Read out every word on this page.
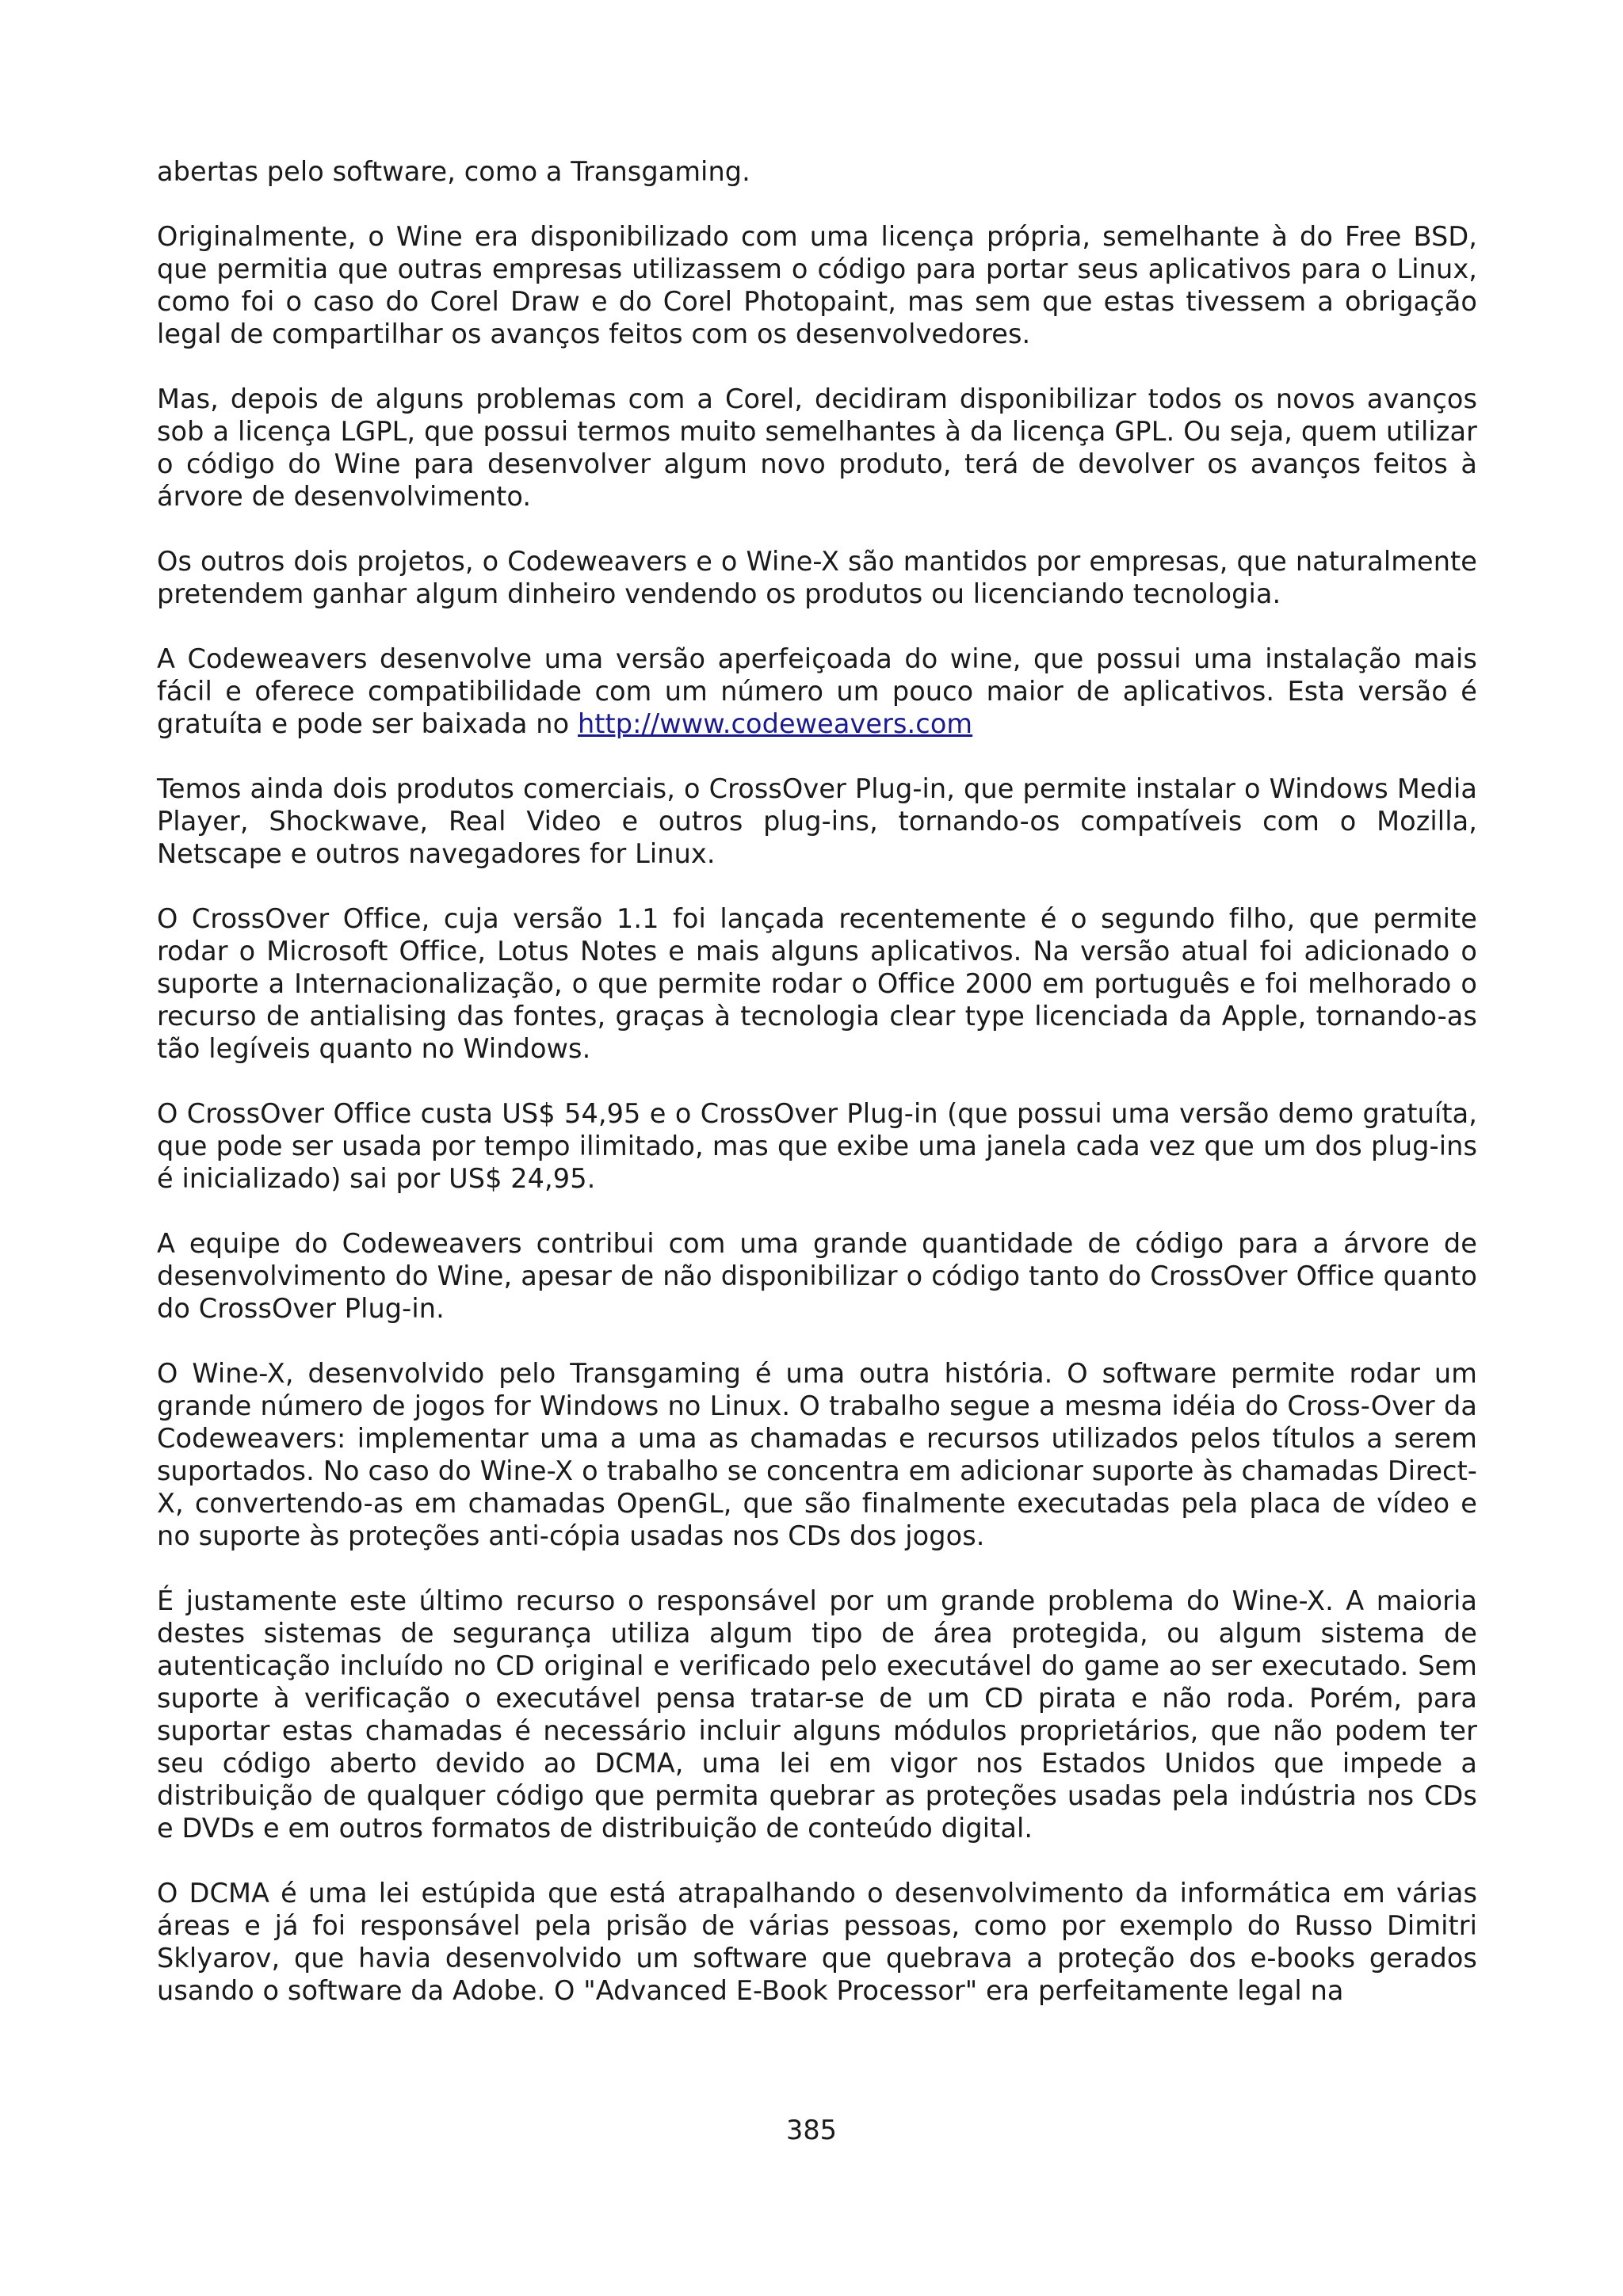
abertas pelo software, como a Transgaming.

Originalmente, o Wine era disponibilizado com uma licença própria, semelhante à do Free BSD, que permitia que outras empresas utilizassem o código para portar seus aplicativos para o Linux, como foi o caso do Corel Draw e do Corel Photopaint, mas sem que estas tivessem a obrigação legal de compartilhar os avanços feitos com os desenvolvedores.

Mas, depois de alguns problemas com a Corel, decidiram disponibilizar todos os novos avanços sob a licença LGPL, que possui termos muito semelhantes à da licença GPL. Ou seja, quem utilizar o código do Wine para desenvolver algum novo produto, terá de devolver os avanços feitos à árvore de desenvolvimento.

Os outros dois projetos, o Codeweavers e o Wine-X são mantidos por empresas, que naturalmente pretendem ganhar algum dinheiro vendendo os produtos ou licenciando tecnologia.

A Codeweavers desenvolve uma versão aperfeiçoada do wine, que possui uma instalação mais fácil e oferece compatibilidade com um número um pouco maior de aplicativos. Esta versão é gratuíta e pode ser baixada no http://www.codeweavers.com

Temos ainda dois produtos comerciais, o CrossOver Plug-in, que permite instalar o Windows Media Player, Shockwave, Real Video e outros plug-ins, tornando-os compatíveis com o Mozilla, Netscape e outros navegadores for Linux.

O CrossOver Office, cuja versão 1.1 foi lançada recentemente é o segundo filho, que permite rodar o Microsoft Office, Lotus Notes e mais alguns aplicativos. Na versão atual foi adicionado o suporte a Internacionalização, o que permite rodar o Office 2000 em português e foi melhorado o recurso de antialising das fontes, graças à tecnologia clear type licenciada da Apple, tornando-as tão legíveis quanto no Windows.

O CrossOver Office custa US$ 54,95 e o CrossOver Plug-in (que possui uma versão demo gratuíta, que pode ser usada por tempo ilimitado, mas que exibe uma janela cada vez que um dos plug-ins é inicializado) sai por US$ 24,95.

A equipe do Codeweavers contribui com uma grande quantidade de código para a árvore de desenvolvimento do Wine, apesar de não disponibilizar o código tanto do CrossOver Office quanto do CrossOver Plug-in.

O Wine-X, desenvolvido pelo Transgaming é uma outra história. O software permite rodar um grande número de jogos for Windows no Linux. O trabalho segue a mesma idéia do Cross-Over da Codeweavers: implementar uma a uma as chamadas e recursos utilizados pelos títulos a serem suportados. No caso do Wine-X o trabalho se concentra em adicionar suporte às chamadas Direct-X, convertendo-as em chamadas OpenGL, que são finalmente executadas pela placa de vídeo e no suporte às proteções anti-cópia usadas nos CDs dos jogos.

É justamente este último recurso o responsável por um grande problema do Wine-X. A maioria destes sistemas de segurança utiliza algum tipo de área protegida, ou algum sistema de autenticação incluído no CD original e verificado pelo executável do game ao ser executado. Sem suporte à verificação o executável pensa tratar-se de um CD pirata e não roda. Porém, para suportar estas chamadas é necessário incluir alguns módulos proprietários, que não podem ter seu código aberto devido ao DCMA, uma lei em vigor nos Estados Unidos que impede a distribuição de qualquer código que permita quebrar as proteções usadas pela indústria nos CDs e DVDs e em outros formatos de distribuição de conteúdo digital.

O DCMA é uma lei estúpida que está atrapalhando o desenvolvimento da informática em várias áreas e já foi responsável pela prisão de várias pessoas, como por exemplo do Russo Dimitri Sklyarov, que havia desenvolvido um software que quebrava a proteção dos e-books gerados usando o software da Adobe. O "Advanced E-Book Processor" era perfeitamente legal na

385
